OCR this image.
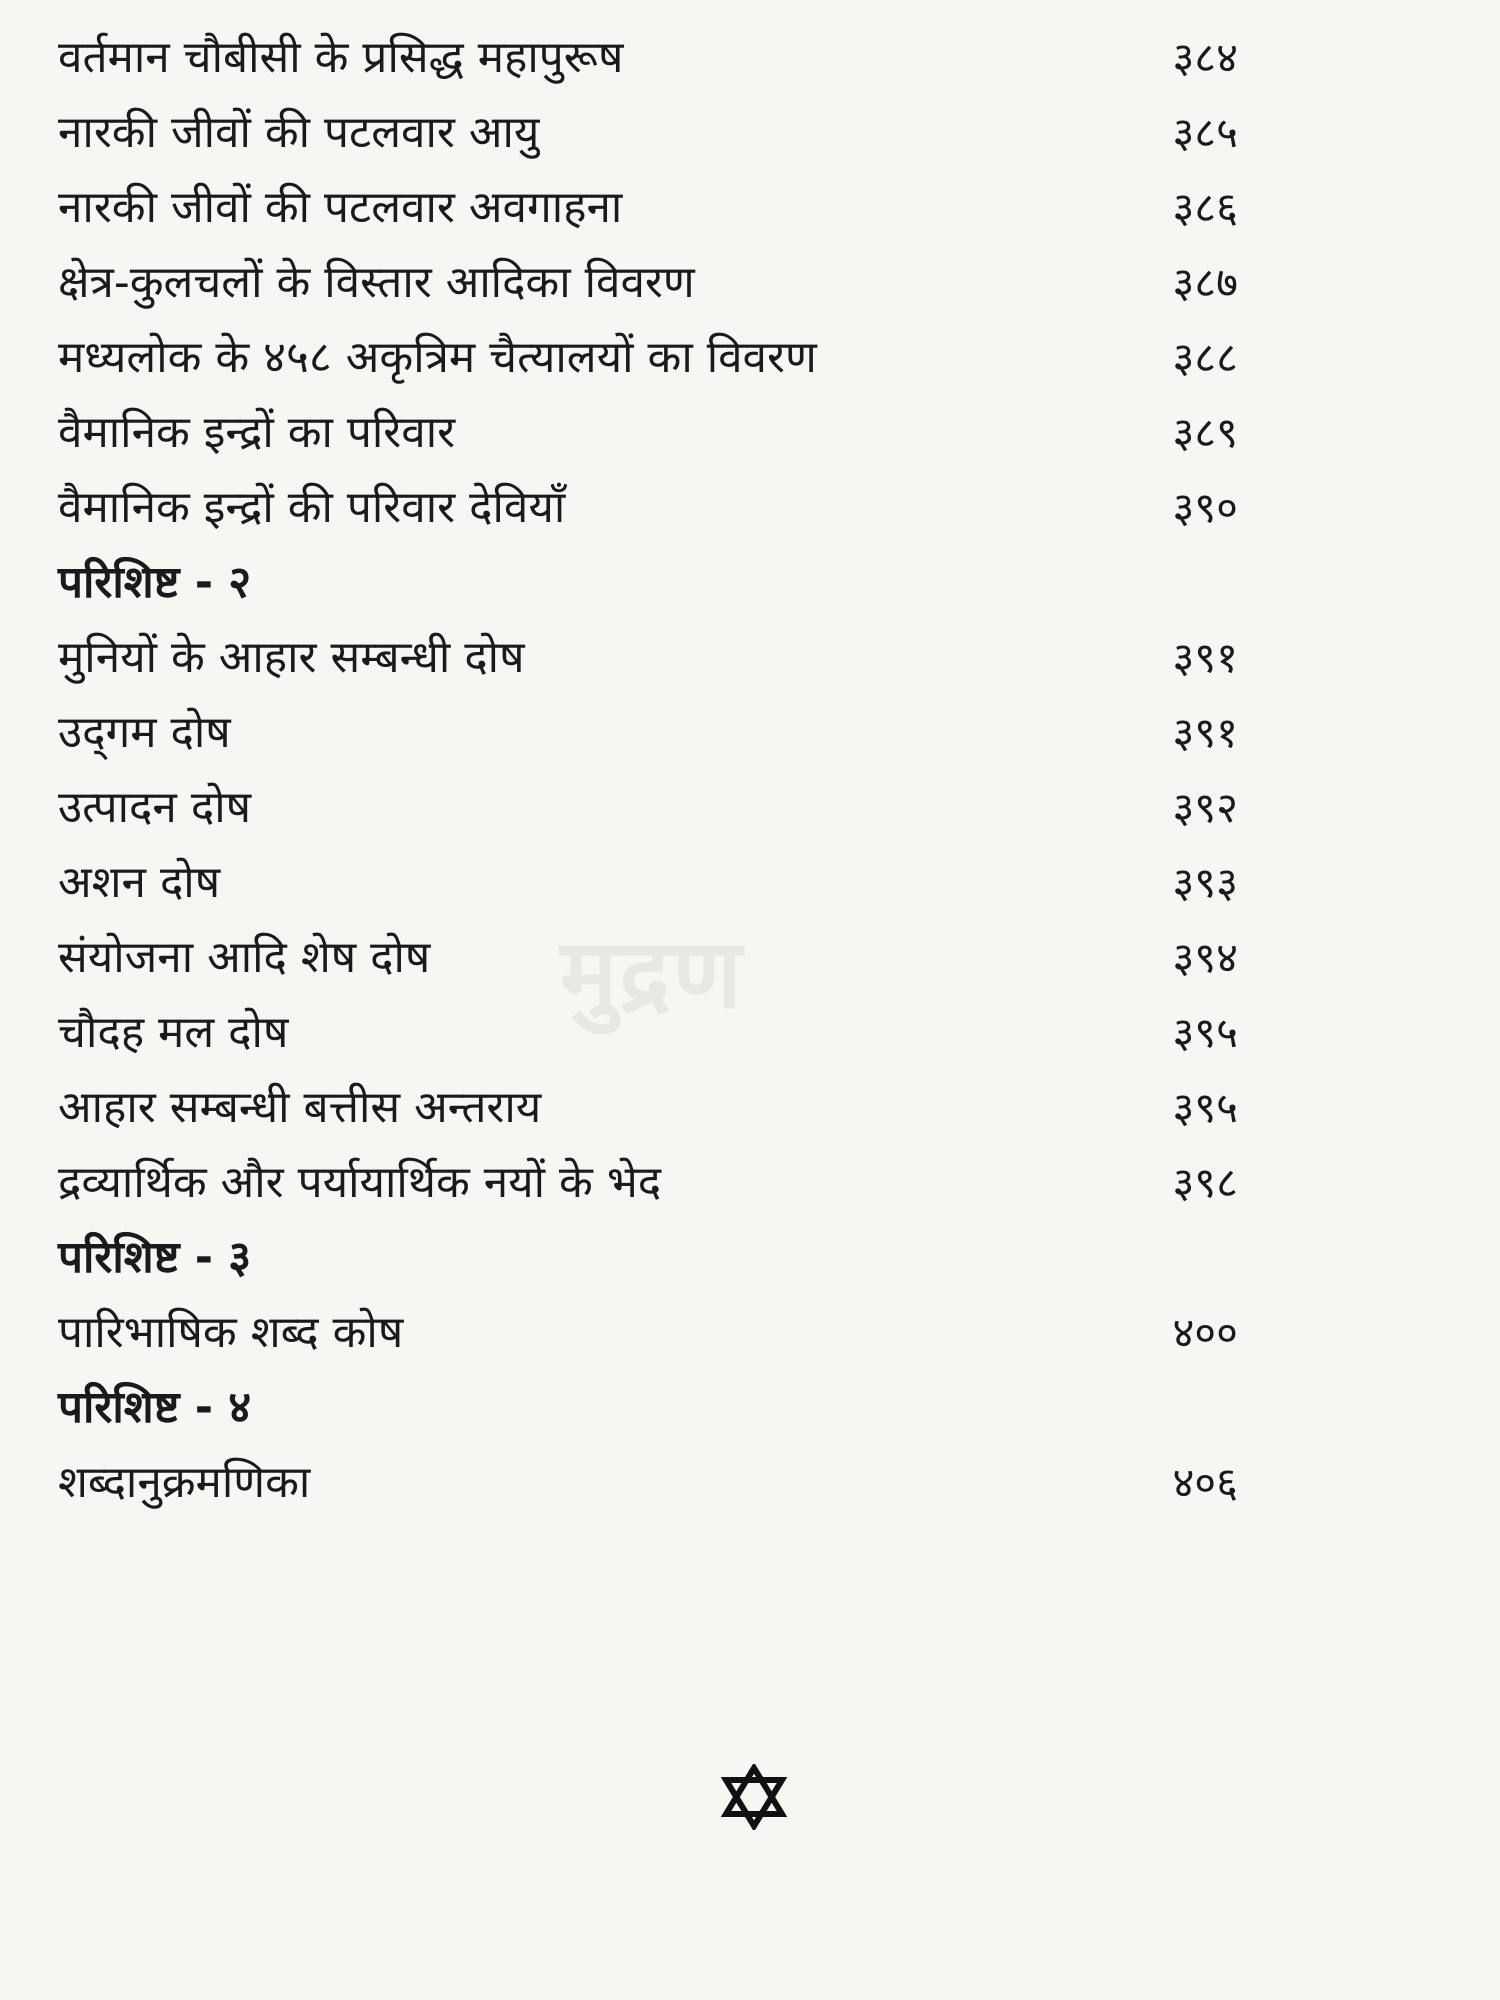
मुद्रण
वर्तमान चौबीसी के प्रसिद्ध महापुरूष	३८४
नारकी जीवों की पटलवार आयु	३८५
नारकी जीवों की पटलवार अवगाहना	३८६
क्षेत्र-कुलचलों के विस्तार आदिका विवरण	३८७
मध्यलोक के ४५८ अकृत्रिम चैत्यालयों का विवरण	३८८
वैमानिक इन्द्रों का परिवार	३८९
वैमानिक इन्द्रों की परिवार देवियाँ	३९०
परिशिष्ट - २
मुनियों के आहार सम्बन्धी दोष	३९१
उद्‌गम दोष	३९१
उत्पादन दोष	३९२
अशन दोष	३९३
संयोजना आदि शेष दोष	३९४
चौदह मल दोष	३९५
आहार सम्बन्धी बत्तीस अन्तराय	३९५
द्रव्यार्थिक और पर्यायार्थिक नयों के भेद	३९८
परिशिष्ट - ३
पारिभाषिक शब्द कोष	४००
परिशिष्ट - ४
शब्दानुक्रमणिका	४०६
